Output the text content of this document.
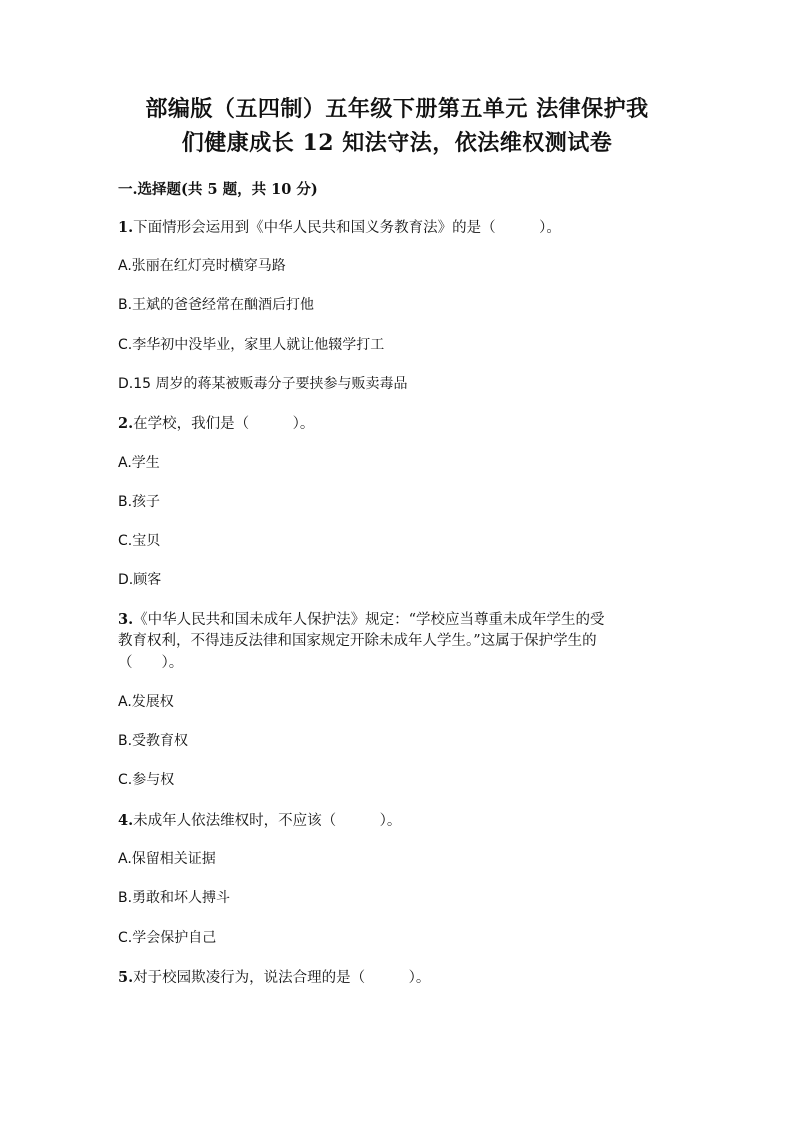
部编版（五四制）五年级下册第五单元 法律保护我
们健康成长 12 知法守法，依法维权测试卷
一.选择题(共 5 题，共 10 分)
1.下面情形会运用到《中华人民共和国义务教育法》的是（　　　）。
A.张丽在红灯亮时横穿马路
B.王斌的爸爸经常在酗酒后打他
C.李华初中没毕业，家里人就让他辍学打工
D.15 周岁的蒋某被贩毒分子要挟参与贩卖毒品
2.在学校，我们是（　　　）。
A.学生
B.孩子
C.宝贝
D.顾客
3.《中华人民共和国未成年人保护法》规定：“学校应当尊重未成年学生的受
教育权利，不得违反法律和国家规定开除未成年人学生。”这属于保护学生的
（　　）。
A.发展权
B.受教育权
C.参与权
4.未成年人依法维权时，不应该（　　　）。
A.保留相关证据
B.勇敢和坏人搏斗
C.学会保护自己
5.对于校园欺凌行为，说法合理的是（　　　）。
